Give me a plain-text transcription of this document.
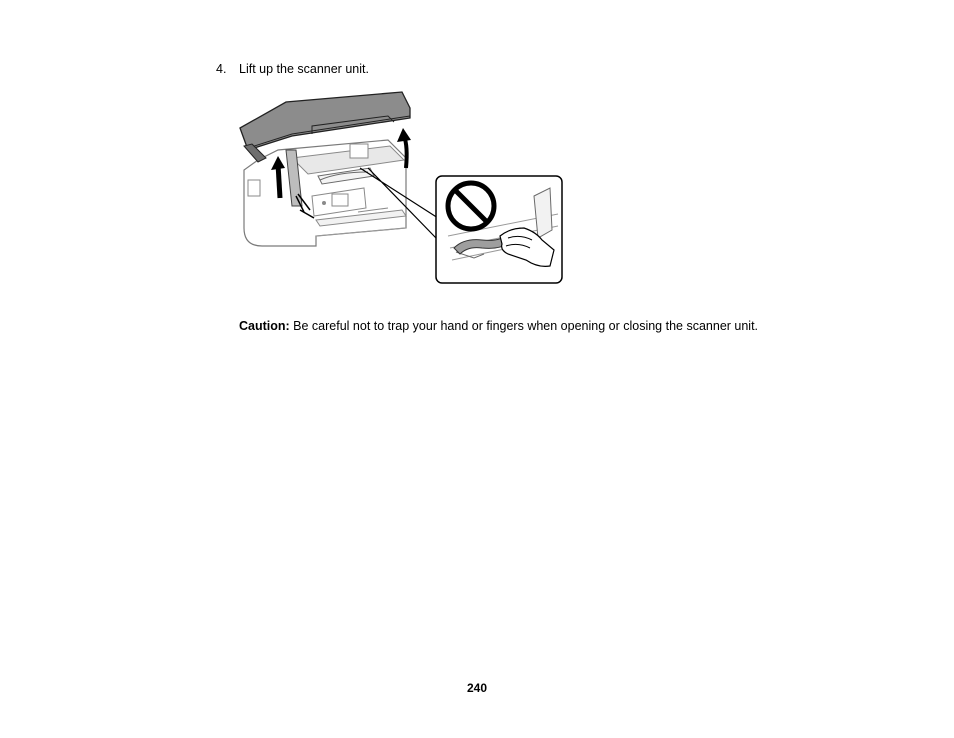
4. Lift up the scanner unit.
Caution: Be careful not to trap your hand or fingers when opening or closing the scanner unit.
240
